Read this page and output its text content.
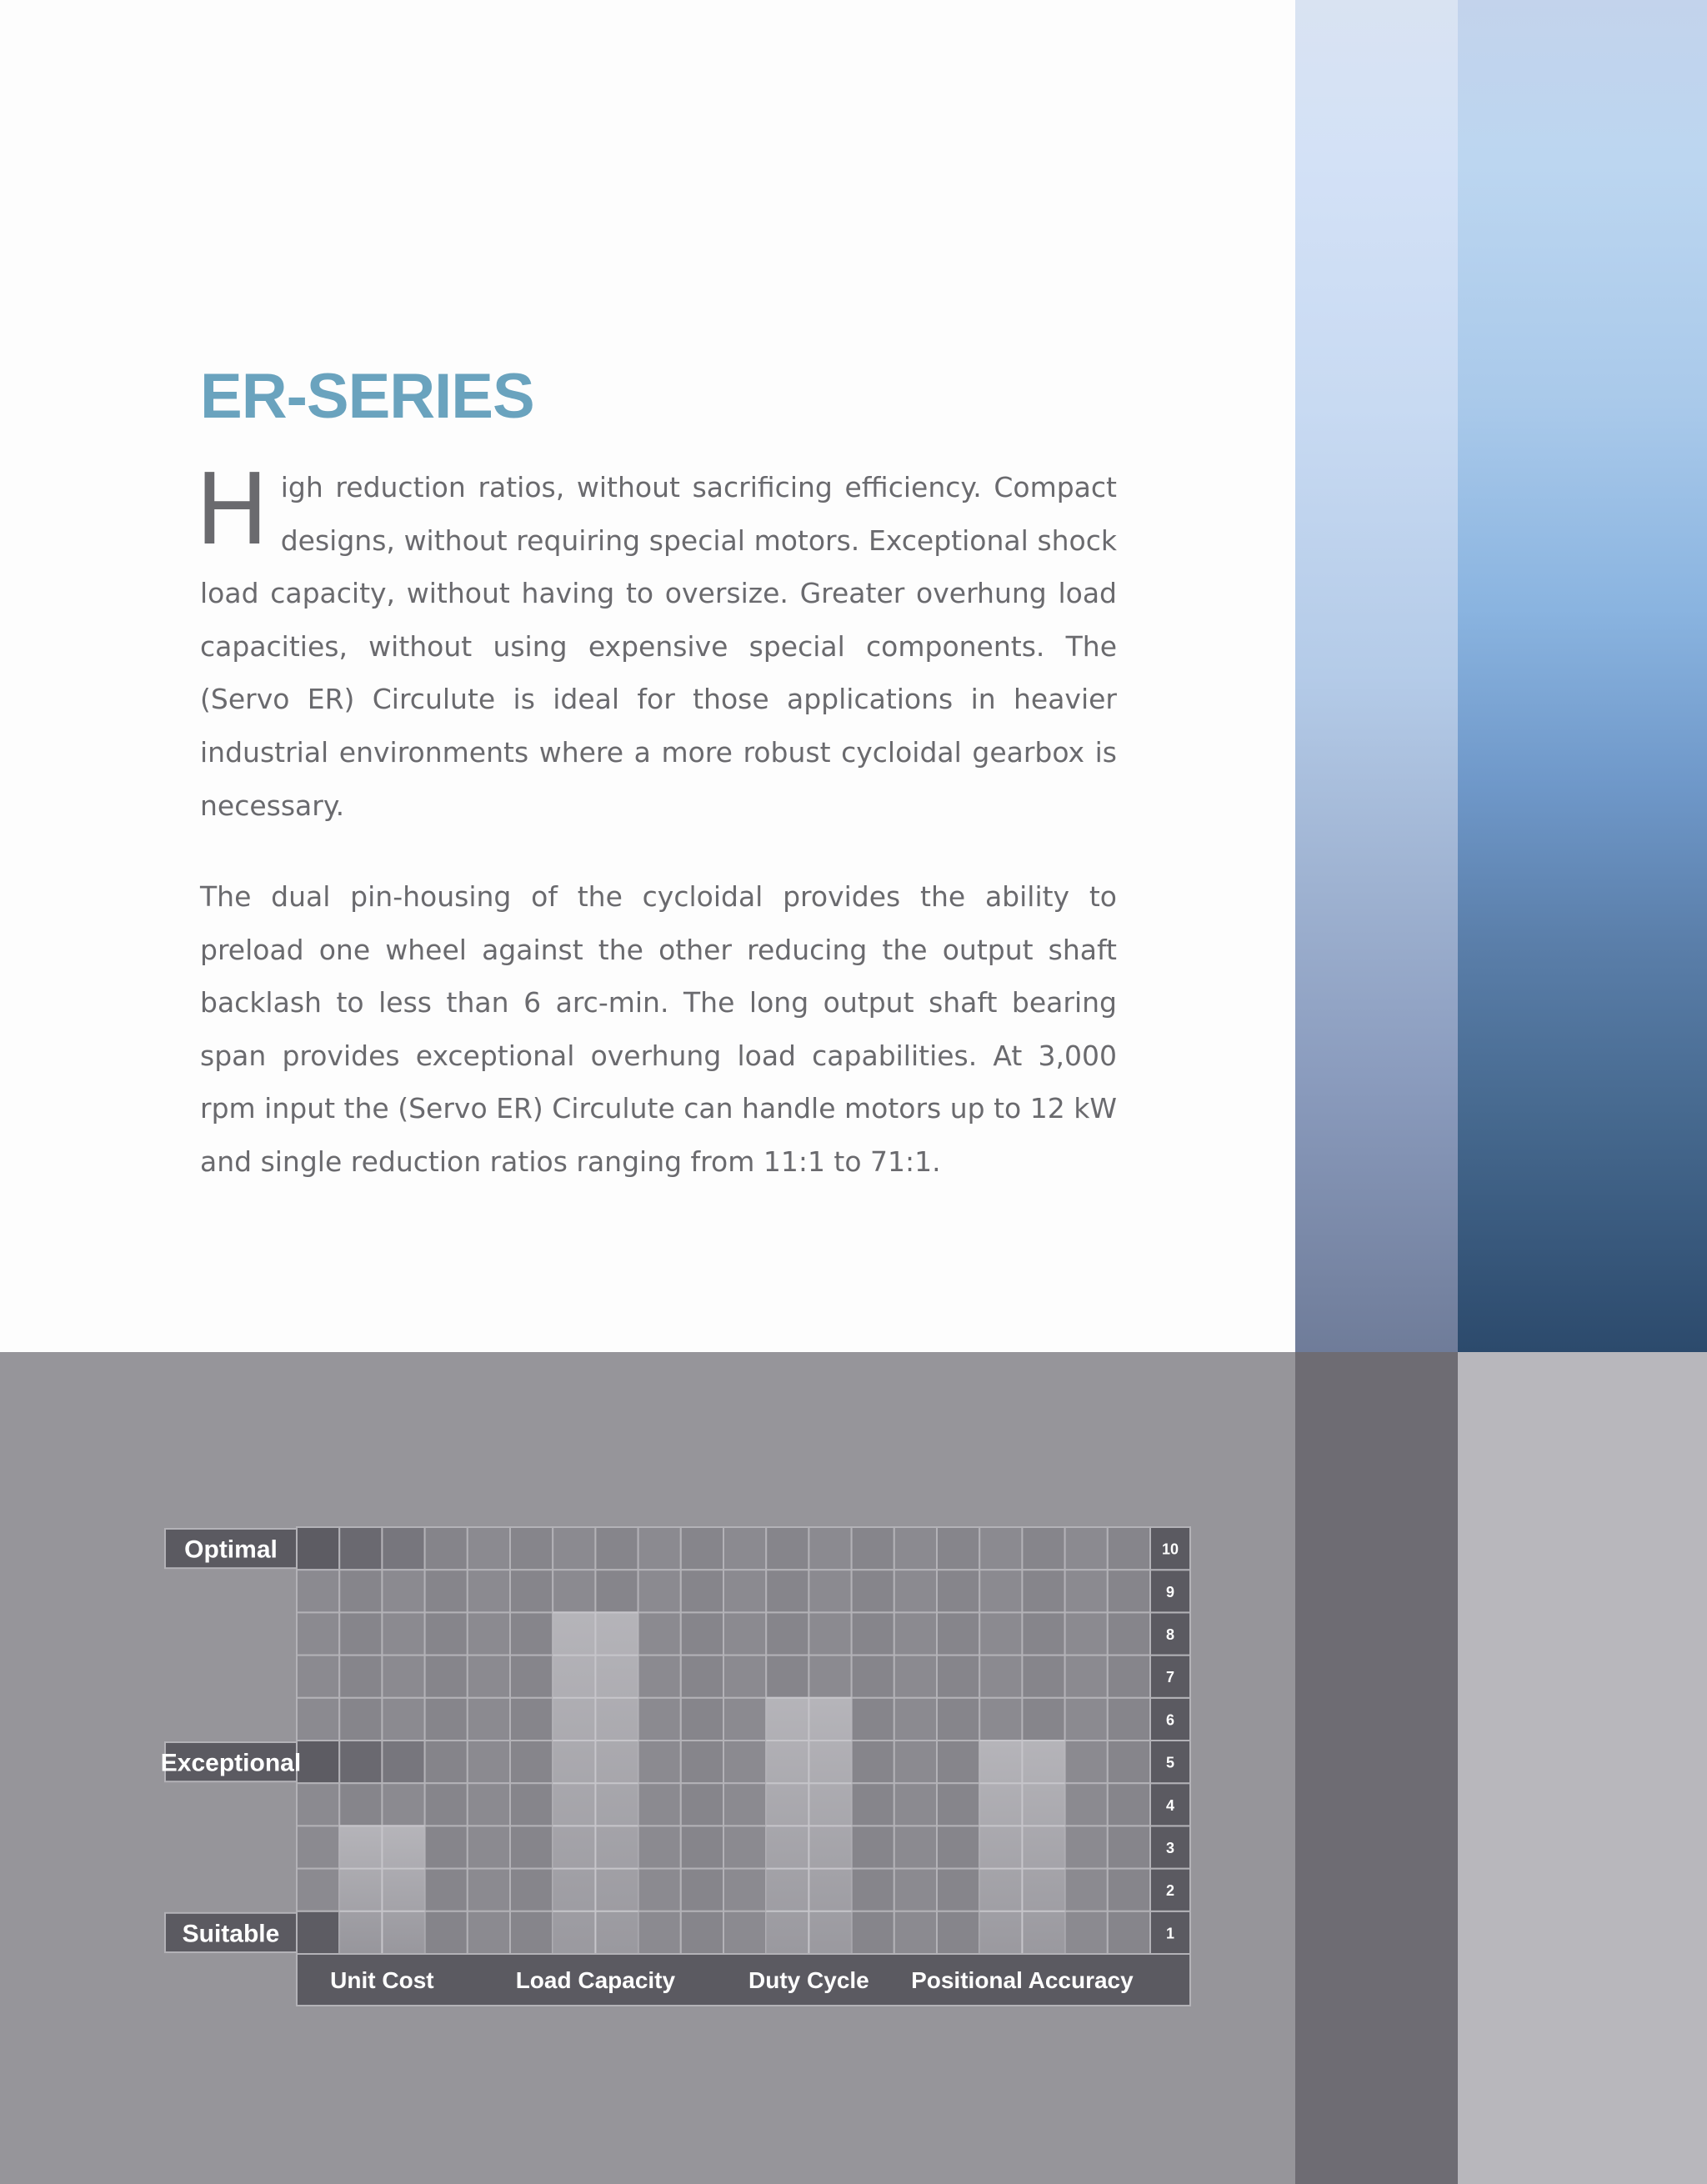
ER-SERIES

High reduction ratios, without sacrificing efficiency. Compact designs, without requiring special motors. Exceptional shock load capacity, without having to oversize. Greater overhung load capacities, without using expensive special components. The (Servo ER) Circulute is ideal for those applications in heavier industrial environments where a more robust cycloidal gearbox is necessary.

The dual pin-housing of the cycloidal provides the ability to preload one wheel against the other reducing the output shaft backlash to less than 6 arc-min. The long output shaft bearing span provides exceptional overhung load capabilities. At 3,000 rpm input the (Servo ER) Circulute can handle motors up to 12 kW and single reduction ratios ranging from 11:1 to 71:1.

1
2
3
4
5
6
7
8
9
10
Optimal
Exceptional
Suitable
Unit Cost	Load Capacity	Duty Cycle Positional Accuracy
